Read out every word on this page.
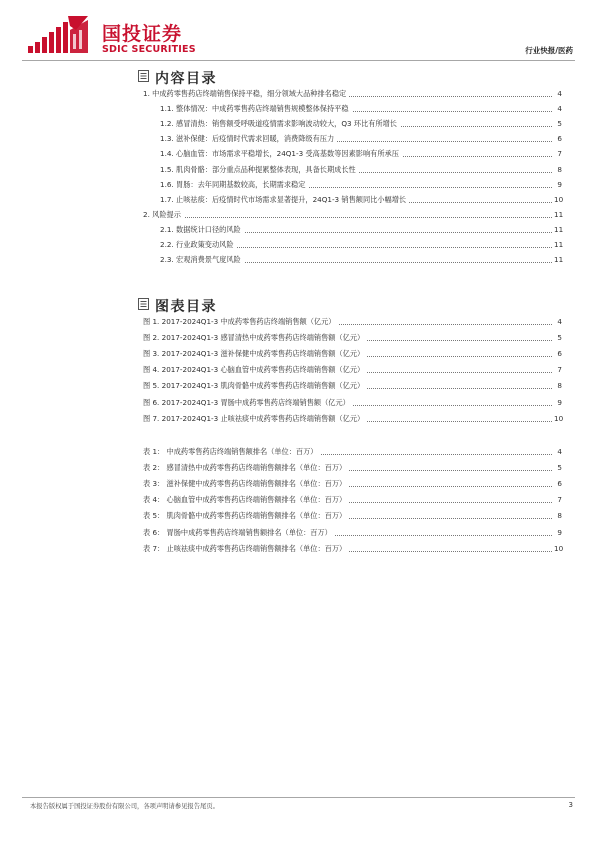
国投证券
SDIC SECURITIES	行业快报/医药
内容目录
1. 中成药零售药店终端销售保持平稳，细分领域大品种排名稳定	4
1.1. 整体情况：中成药零售药店终端销售规模整体保持平稳	4
1.2. 感冒清热：销售额受呼吸道疫情需求影响波动较大，Q3 环比有所增长	5
1.3. 滋补保健：后疫情时代需求回暖，消费降级有压力	6
1.4. 心脑血管：市场需求平稳增长，24Q1-3 受高基数等因素影响有所承压	7
1.5. 肌肉骨骼：部分重点品种提累整体表现，具备长期成长性	8
1.6. 胃肠：去年同期基数较高，长期需求稳定	9
1.7. 止咳祛痰：后疫情时代市场需求显著提升，24Q1-3 销售额同比小幅增长	10
2. 风险提示	11
2.1. 数据统计口径的风险	11
2.2. 行业政策变动风险	11
2.3. 宏观消费景气度风险	11
图表目录
图 1. 2017-2024Q1-3 中成药零售药店终端销售额（亿元）	4
图 2. 2017-2024Q1-3 感冒清热中成药零售药店终端销售额（亿元）	5
图 3. 2017-2024Q1-3 滋补保健中成药零售药店终端销售额（亿元）	6
图 4. 2017-2024Q1-3 心脑血管中成药零售药店终端销售额（亿元）	7
图 5. 2017-2024Q1-3 肌肉骨骼中成药零售药店终端销售额（亿元）	8
图 6. 2017-2024Q1-3 胃肠中成药零售药店终端销售额（亿元）	9
图 7. 2017-2024Q1-3 止咳祛痰中成药零售药店终端销售额（亿元）	10
表 1： 中成药零售药店终端销售额排名（单位：百万）	4
表 2： 感冒清热中成药零售药店终端销售额排名（单位：百万）	5
表 3： 滋补保健中成药零售药店终端销售额排名（单位：百万）	6
表 4： 心脑血管中成药零售药店终端销售额排名（单位：百万）	7
表 5： 肌肉骨骼中成药零售药店终端销售额排名（单位：百万）	8
表 6： 胃肠中成药零售药店终端销售额排名（单位：百万）	9
表 7： 止咳祛痰中成药零售药店终端销售额排名（单位：百万）	10
本报告版权属于国投证券股份有限公司，各项声明请参见报告尾页。	3
